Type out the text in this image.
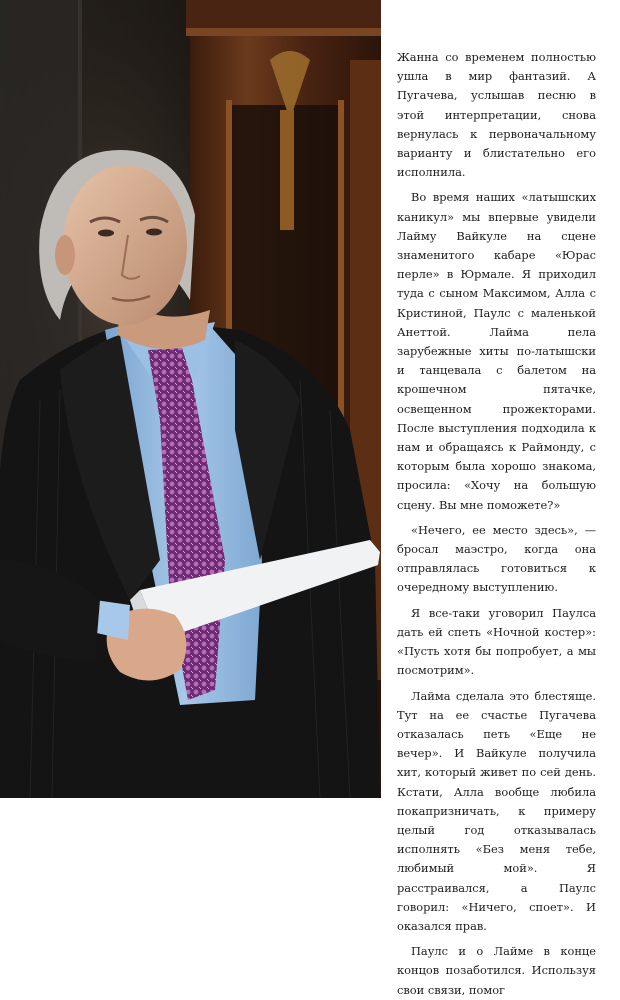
Жанна со временем полностью ушла в мир фантазий. А Пугачева, услышав песню в этой интерпретации, снова вернулась к первоначальному варианту и блистательно его исполнила.

Во время наших «латышских каникул» мы впервые увидели Лайму Вайкуле на сцене знаменитого кабаре «Юрас перле» в Юрмале. Я приходил туда с сыном Максимом, Алла с Кристиной, Паулс с маленькой Анеттой. Лайма пела зарубежные хиты по-латышски и танцевала с балетом на крошечном пятачке, освещенном прожекторами. После выступления подходила к нам и обращаясь к Раймонду, с которым была хорошо знакома, просила: «Хочу на большую сцену. Вы мне поможете?»

«Нечего, ее место здесь», — бросал маэстро, когда она отправлялась готовиться к очередному выступлению.

Я все-таки уговорил Паулса дать ей спеть «Ночной костер»: «Пусть хотя бы попробует, а мы посмотрим».

Лайма сделала это блестяще. Тут на ее счастье Пугачева отказалась петь «Еще не вечер». И Вайкуле получила хит, который живет по сей день. Кстати, Алла вообще любила покапризничать, к примеру целый год отказывалась исполнять «Без меня тебе, любимый мой». Я расстраивался, а Паулс говорил: «Ничего, споет». И оказался прав.

Паулс и о Лайме в конце концов позаботился. Используя свои связи, помог
